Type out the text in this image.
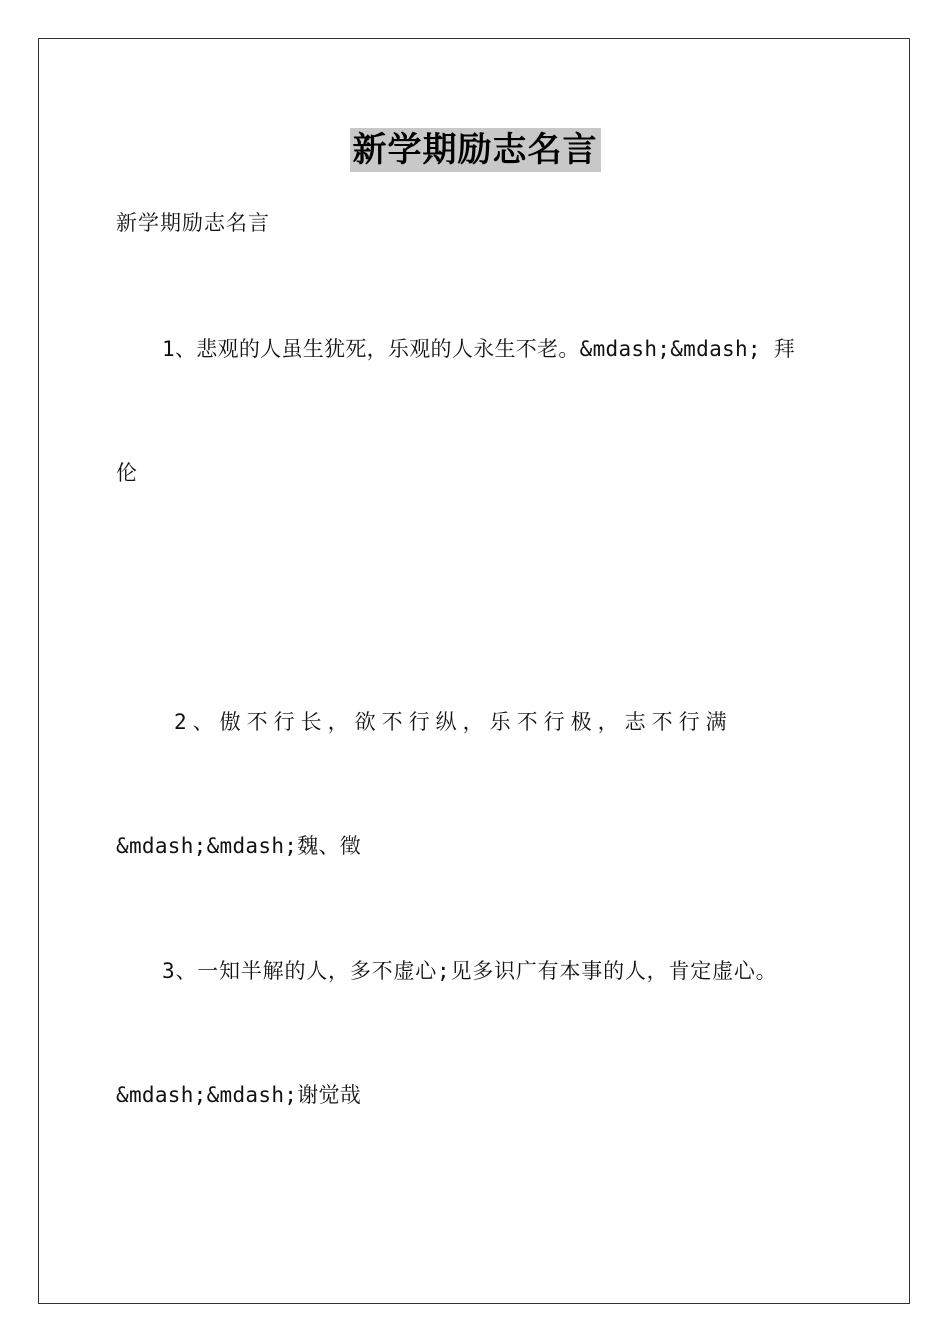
新学期励志名言
新学期励志名言
1、悲观的人虽生犹死，乐观的人永生不老。&mdash;&mdash; 拜
伦
2、傲不行长，欲不行纵，乐不行极，志不行满
&mdash;&mdash;魏、徵
3、一知半解的人，多不虚心;见多识广有本事的人，肯定虚心。
&mdash;&mdash;谢觉哉
